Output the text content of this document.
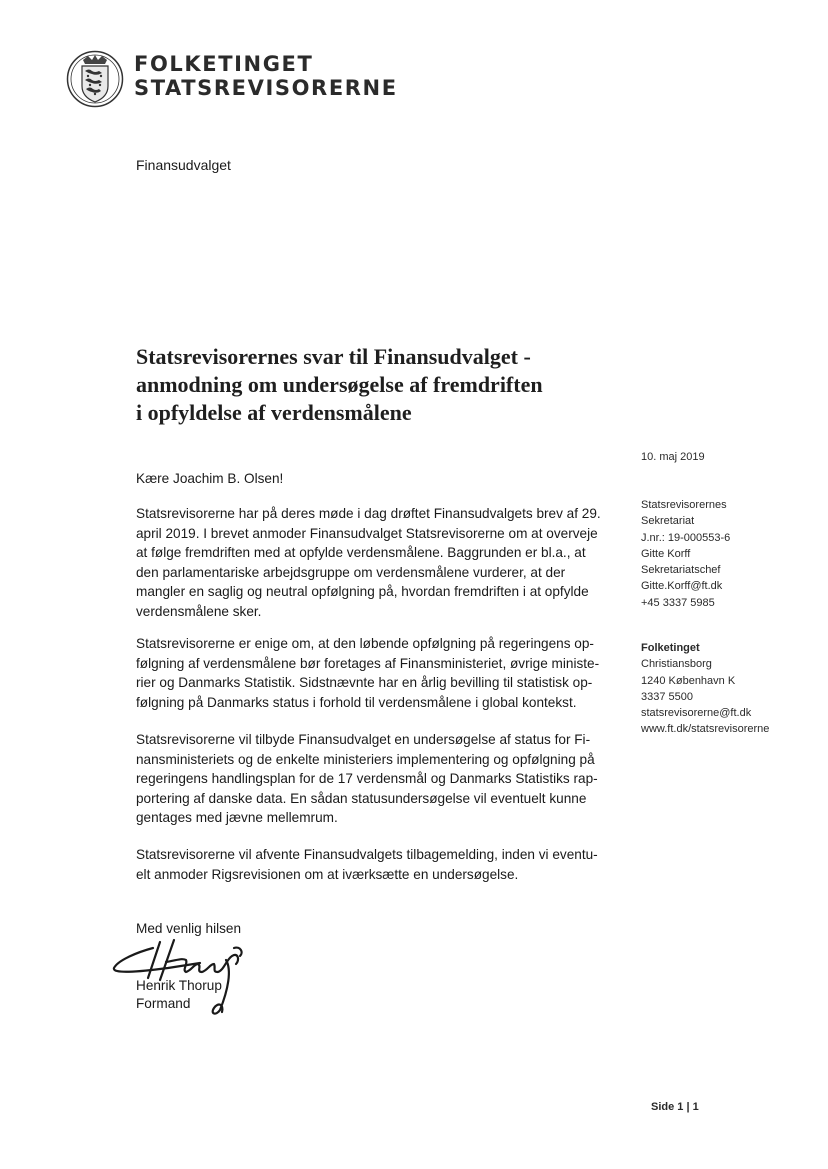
FOLKETINGET
STATSREVISORERNE
Finansudvalget
Statsrevisorernes svar til Finansudvalget -
anmodning om undersøgelse af fremdriften
i opfyldelse af verdensmålene
10. maj 2019
Statsrevisorernes
Sekretariat
J.nr.: 19-000553-6
Gitte Korff
Sekretariatschef
Gitte.Korff@ft.dk
+45 3337 5985
Folketinget
Christiansborg
1240 København K
3337 5500
statsrevisorerne@ft.dk
www.ft.dk/statsrevisorerne
Kære Joachim B. Olsen!
Statsrevisorerne har på deres møde i dag drøftet Finansudvalgets brev af 29.
april 2019. I brevet anmoder Finansudvalget Statsrevisorerne om at overveje
at følge fremdriften med at opfylde verdensmålene. Baggrunden er bl.a., at
den parlamentariske arbejdsgruppe om verdensmålene vurderer, at der
mangler en saglig og neutral opfølgning på, hvordan fremdriften i at opfylde
verdensmålene sker.
Statsrevisorerne er enige om, at den løbende opfølgning på regeringens op-
følgning af verdensmålene bør foretages af Finansministeriet, øvrige ministe-
rier og Danmarks Statistik. Sidstnævnte har en årlig bevilling til statistisk op-
følgning på Danmarks status i forhold til verdensmålene i global kontekst.
Statsrevisorerne vil tilbyde Finansudvalget en undersøgelse af status for Fi-
nansministeriets og de enkelte ministeriers implementering og opfølgning på
regeringens handlingsplan for de 17 verdensmål og Danmarks Statistiks rap-
portering af danske data. En sådan statusundersøgelse vil eventuelt kunne
gentages med jævne mellemrum.
Statsrevisorerne vil afvente Finansudvalgets tilbagemelding, inden vi eventu-
elt anmoder Rigsrevisionen om at iværksætte en undersøgelse.
Med venlig hilsen
Henrik Thorup
Formand
Side 1 | 1
